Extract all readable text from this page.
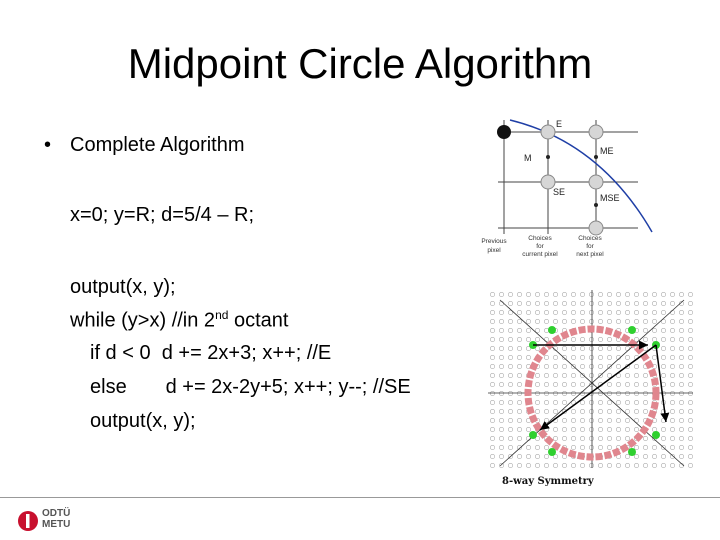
Midpoint Circle Algorithm
• Complete Algorithm
x=0; y=R; d=5/4 – R;
output(x, y);
while (y>x) //in 2nd octant
if d < 0  d += 2x+3; x++; //E
else       d += 2x-2y+5; x++; y--; //SE
output(x, y);
E
M
ME
SE
MSE
Previous
pixel
Choices
for
current pixel
Choices
for
next pixel
8-way Symmetry
ODTÜ
METU
